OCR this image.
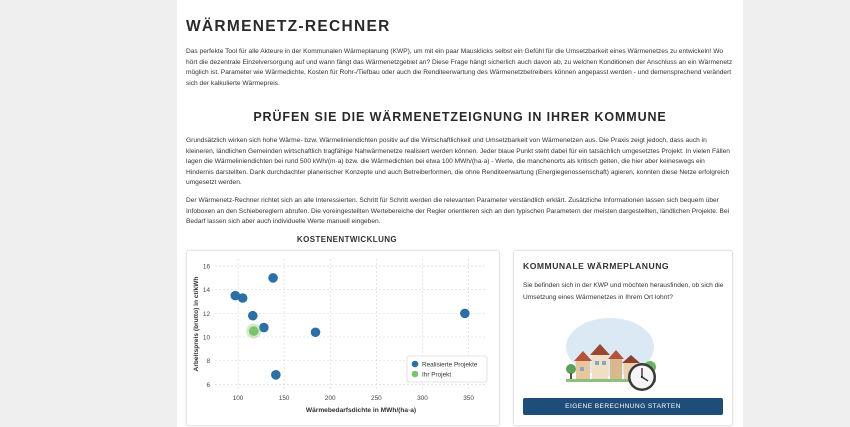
WÄRMENETZ-RECHNER

Das perfekte Tool für alle Akteure in der Kommunalen Wärmeplanung (KWP), um mit ein paar Mausklicks selbst ein Gefühl für die Umsetzbarkeit eines Wärmenetzes zu entwickeln! Wo hört die dezentrale Einzelversorgung auf und wann fängt das Wärmenetzgebiet an? Diese Frage hängt sicherlich auch davon ab, zu welchen Konditionen der Anschluss an ein Wärmenetz möglich ist. Parameter wie Wärmedichte, Kosten für Rohr-/Tiefbau oder auch die Renditeerwartung des Wärmenetzbetreibers können angepasst werden - und demensprechend verändert sich der kalkulierte Wärmepreis.

PRÜFEN SIE DIE WÄRMENETZEIGNUNG IN IHRER KOMMUNE

Grundsätzlich wirken sich hohe Wärme- bzw. Wärmeliniendichten positiv auf die Wirtschaftlichkeit und Umsetzbarkeit von Wärmenetzen aus. Die Praxis zeigt jedoch, dass auch in kleineren, ländlichen Gemeinden wirtschaftlich tragfähige Nahwärmenetze realisiert werden können. Jeder blaue Punkt steht dabei für ein tatsächlich umgesetztes Projekt. In vielen Fällen lagen die Wärmeliniendichten bei rund 500 kWh/(m·a) bzw. die Wärmedichten bei etwa 100 MWh/(ha·a) - Werte, die manchenorts als kritisch gelten, die hier aber keineswegs ein Hindernis darstellten. Dank durchdachter planerischer Konzepte und auch Betreiberformen, die ohne Renditeerwartung (Energiegenossenschaft) agieren, konnten diese Netze erfolgreich umgesetzt werden.

Der Wärmenetz-Rechner richtet sich an alle Interessierten. Schritt für Schritt werden die relevanten Parameter verständlich erklärt. Zusätzliche Informationen lassen sich bequem über Infoboxen an den Schiebereglern abrufen. Die voreingestellten Wertebereiche der Regler orientieren sich an den typischen Parametern der meisten dargestellten, ländlichen Projekte. Bei Bedarf lassen sich aber auch individuelle Werte manuell eingeben.

KOSTENENTWICKLUNG
6
8
10
12
14
16
100	150	200	250	300	350
Wärmebedarfsdichte in MWh/(ha·a)
Arbeitspreis (brutto) in ct/kWh	Realisierte Projekte
Ihr Projekt
KOMMUNALE WÄRMEPLANUNG

Sie befinden sich in der KWP und möchten herausfinden, ob sich die Umsetzung eines Wärmenetzes in Ihrem Ort lohnt?

EIGENE BERECHNUNG STARTEN
